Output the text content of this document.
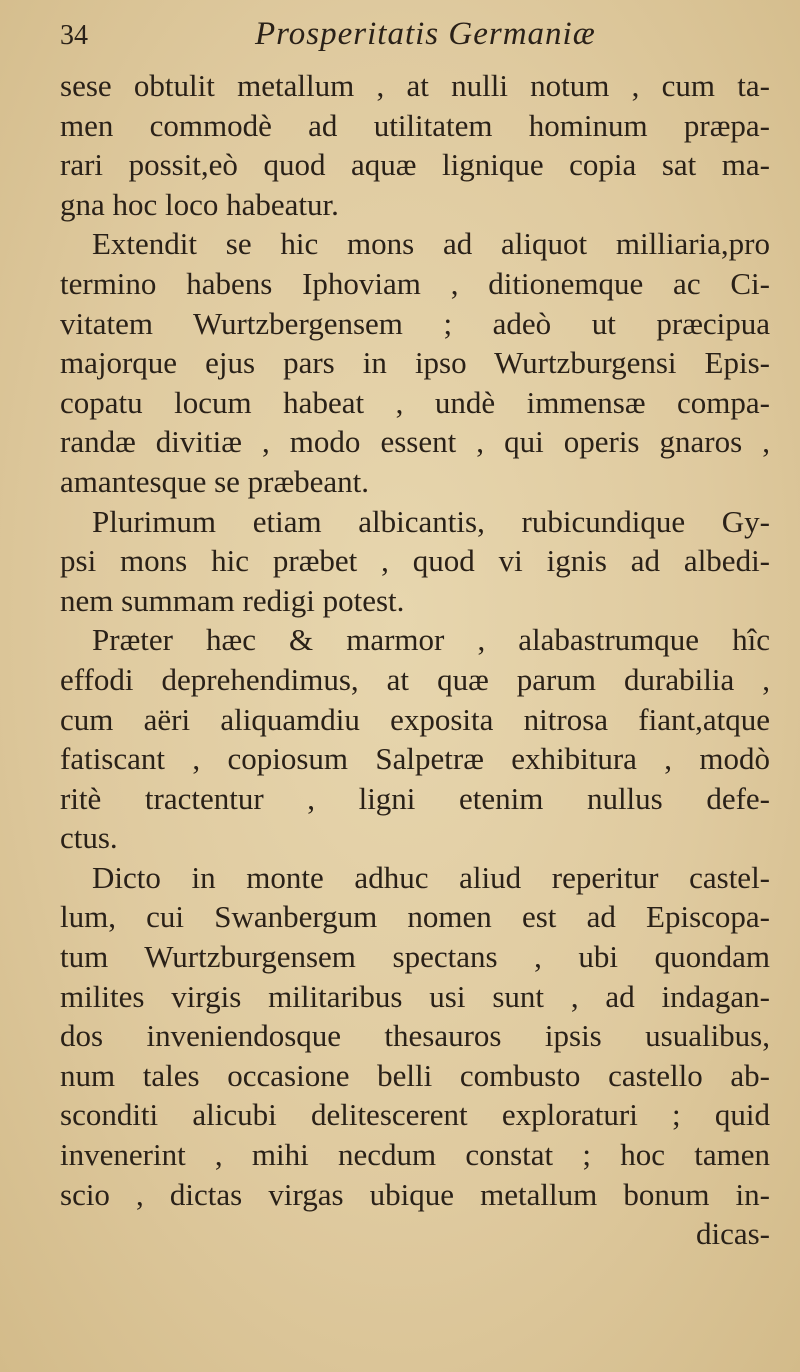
34	Prosperitatis Germaniæ
sese obtulit metallum , at nulli notum , cum ta-
men commodè ad utilitatem hominum præpa-
rari possit,eò quod aquæ lignique copia sat ma-
gna hoc loco habeatur.
Extendit se hic mons ad aliquot milliaria,pro
termino habens Iphoviam , ditionemque ac Ci-
vitatem Wurtzbergensem ; adeò ut præcipua
majorque ejus pars in ipso Wurtzburgensi Epis-
copatu locum habeat , undè immensæ compa-
randæ divitiæ , modo essent , qui operis gnaros ,
amantesque se præbeant.
Plurimum etiam albicantis, rubicundique Gy-
psi mons hic præbet , quod vi ignis ad albedi-
nem summam redigi potest.
Præter hæc & marmor , alabastrumque hîc
effodi deprehendimus, at quæ parum durabilia ,
cum aëri aliquamdiu exposita nitrosa fiant,atque
fatiscant , copiosum Salpetræ exhibitura , modò
ritè tractentur , ligni etenim nullus defe-
ctus.
Dicto in monte adhuc aliud reperitur castel-
lum, cui Swanbergum nomen est ad Episcopa-
tum Wurtzburgensem spectans , ubi quondam
milites virgis militaribus usi sunt , ad indagan-
dos inveniendosque thesauros ipsis usualibus,
num tales occasione belli combusto castello ab-
sconditi alicubi delitescerent exploraturi ; quid
invenerint , mihi necdum constat ; hoc tamen
scio , dictas virgas ubique metallum bonum in-
dicas-
